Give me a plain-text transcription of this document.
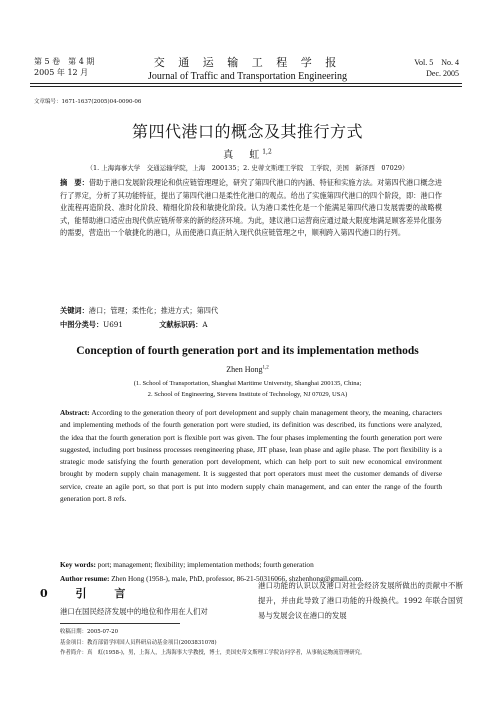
第 5 卷　第 4 期
2005 年 12 月
交 通 运 输 工 程 学 报
Journal of Traffic and Transportation Engineering
Vol. 5　No. 4
Dec. 2005
文章编号：1671-1637(2005)04-0090-06
第四代港口的概念及其推行方式
真　虹$^{1,2}$
（1. 上海海事大学　交通运输学院，上海　200135；2. 史蒂文斯理工学院　工学院，美国　新泽西　07029）
摘　要：借助于港口发展阶段理论和供应链管理理论，研究了第四代港口的内涵、特征和实施方法。对第四代港口概念进行了界定，分析了其功能特征，提出了第四代港口是柔性化港口的观点。给出了实施第四代港口的四个阶段，即：港口作业流程再造阶段、准时化阶段、精细化阶段和敏捷化阶段。认为港口柔性化是一个能满足第四代港口发展需要的战略模式，能帮助港口适应由现代供应链所带来的新的经济环境。为此，建议港口运营商应通过最大限度地满足顾客差异化服务的需要，营造出一个敏捷化的港口，从而使港口真正纳入现代供应链管理之中，顺利跨入第四代港口的行列。
关键词：港口；管理；柔性化；推进方式；第四代
中图分类号：U691	文献标识码：A
Conception of fourth generation port and its implementation methods
Zhen Hong$^{1,2}$
(1. School of Transportation, Shanghai Maritime University, Shanghai 200135, China;
2. School of Engineering, Stevens Institute of Technology, NJ 07029, USA)
Abstract: According to the generation theory of port development and supply chain management theory, the meaning, characters and implementing methods of the fourth generation port were studied, its definition was described, its functions were analyzed, the idea that the fourth generation port is flexible port was given. The four phases implementing the fourth generation port were suggested, including port business processes reengineering phase, JIT phase, lean phase and agile phase. The port flexibility is a strategic mode satisfying the fourth generation port development, which can help port to suit new economical environment brought by modern supply chain management. It is suggested that port operators must meet the customer demands of diverse service, create an agile port, so that port is put into modern supply chain management, and can enter the range of the fourth generation port. 8 refs.
Key words: port; management; flexibility; implementation methods; fourth generation
Author resume: Zhen Hong (1958-), male, PhD, professor, 86-21-50316066, shzhenhong@gmail.com.
0 引 言
港口在国民经济发展中的地位和作用在人们对
港口功能的认识以及港口对社会经济发展所做出的贡献中不断提升，并由此导致了港口功能的升级换代。1992 年联合国贸易与发展会议在港口的发展
收稿日期：2005-07-20
基金项目：教育部留学回国人员科研启动基金项目(20038310?8)
作者简介：真　虹(1958-)，男，上海人，上海海事大学教授，博士，美国史蒂文斯理工学院访问学者，从事航运物流管理研究。
